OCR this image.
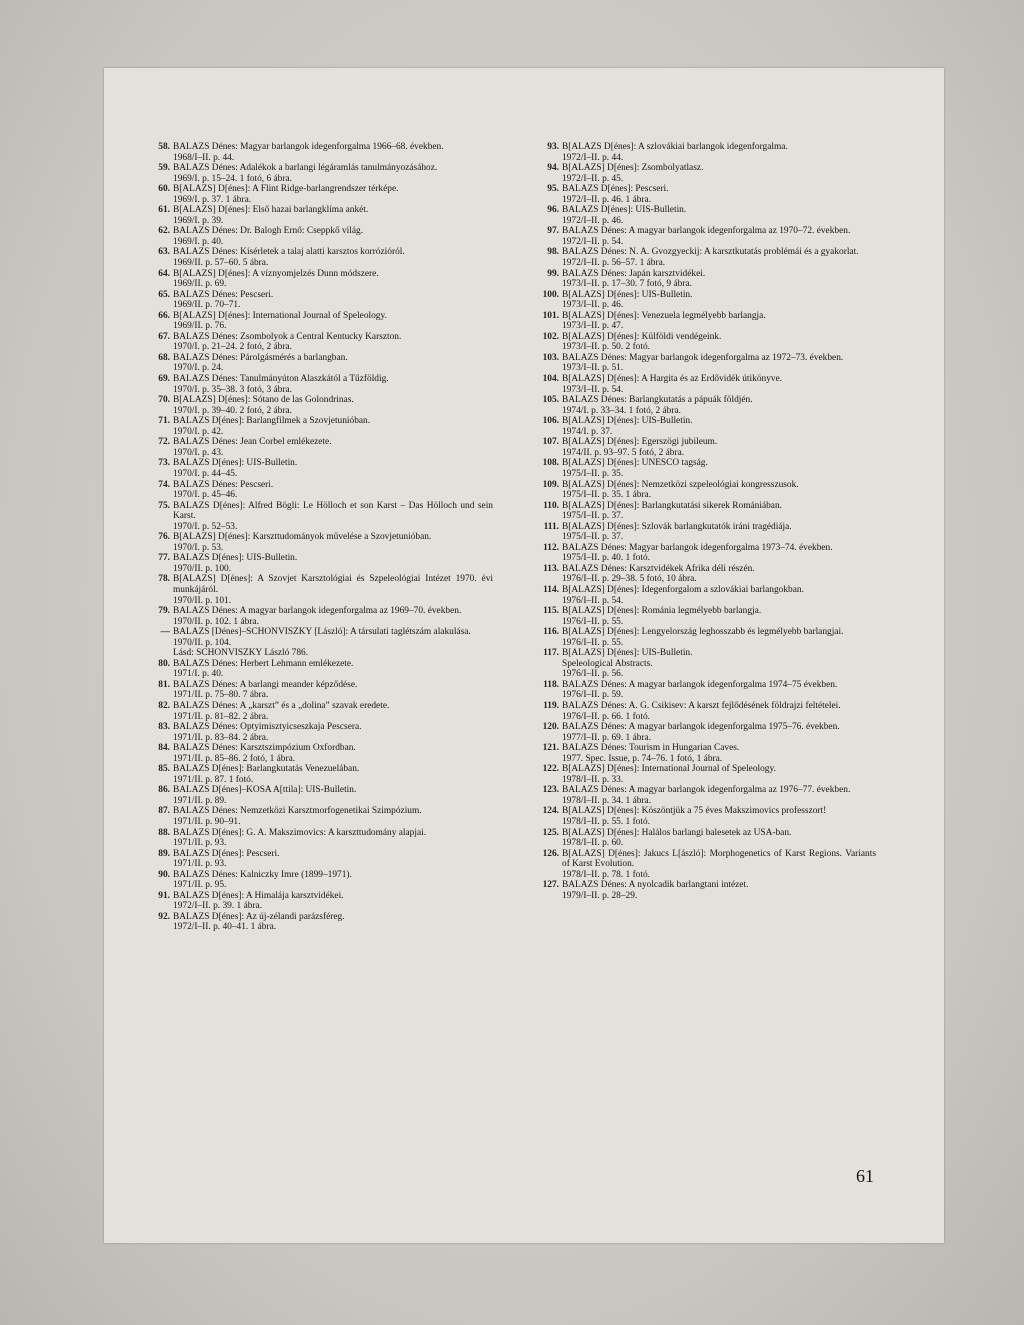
58. BALÁZS Dénes: Magyar barlangok idegenforgalma 1966–68. években.
1968/I–II. p. 44.
59. BALÁZS Dénes: Adalékok a barlangi légáramlás tanulmányozásához.
1969/I. p. 15–24. 1 fotó, 6 ábra.
60. B[ALÁZS] D[énes]: A Flint Ridge-barlangrendszer térképe.
1969/I. p. 37. 1 ábra.
61. B[ALÁZS] D[énes]: Első hazai barlangklíma ankét.
1969/I. p. 39.
62. BALÁZS Dénes: Dr. Balogh Ernő: Cseppkő világ.
1969/I. p. 40.
63. BALÁZS Dénes: Kísérletek a talaj alatti karsztos korrózióról.
1969/II. p. 57–60. 5 ábra.
64. B[ALÁZS] D[énes]: A víznyomjelzés Dunn módszere.
1969/II. p. 69.
65. BALÁZS Dénes: Pescseri.
1969/II. p. 70–71.
66. B[ALÁZS] D[énes]: International Journal of Speleology.
1969/II. p. 76.
67. BALÁZS Dénes: Zsombolyok a Central Kentucky Karszton.
1970/I. p. 21–24. 2 fotó, 2 ábra.
68. BALÁZS Dénes: Párolgásmérés a barlangban.
1970/I. p. 24.
69. BALÁZS Dénes: Tanulmányúton Alaszkától a Tűzföldig.
1970/I. p. 35–38. 3 fotó, 3 ábra.
70. B[ALÁZS] D[énes]: Sótano de las Golondrinas.
1970/I. p. 39–40. 2 fotó, 2 ábra.
71. BALÁZS D[énes]: Barlangfilmek a Szovjetunióban.
1970/I. p. 42.
72. BALÁZS Dénes: Jean Corbel emlékezete.
1970/I. p. 43.
73. BALÁZS D[énes]: UIS-Bulletin.
1970/I. p. 44–45.
74. BALÁZS Dénes: Pescseri.
1970/I. p. 45–46.
75. BALÁZS D[énes]: Alfred Bögli: Le Hölloch et son Karst – Das Hölloch und sein Karst.
1970/I. p. 52–53.
76. B[ALÁZS] D[énes]: Karszttudományok művelése a Szovjetunióban.
1970/I. p. 53.
77. BALÁZS D[énes]: UIS-Bulletin.
1970/II. p. 100.
78. B[ALÁZS] D[énes]: A Szovjet Karsztológiai és Szpeleológiai Intézet 1970. évi munkájáról.
1970/II. p. 101.
79. BALÁZS Dénes: A magyar barlangok idegenforgalma az 1969–70. években.
1970/II. p. 102. 1 ábra.
— BALÁZS [Dénes]–SCHÖNVISZKY [László]: A társulati taglétszám alakulása.
1970/II. p. 104.
Lásd: SCHÖNVISZKY László 786.
80. BALÁZS Dénes: Herbert Lehmann emlékezete.
1971/I. p. 40.
81. BALÁZS Dénes: A barlangi meander képződése.
1971/II. p. 75–80. 7 ábra.
82. BALÁZS Dénes: A „karszt” és a „dolina” szavak eredete.
1971/II. p. 81–82. 2 ábra.
83. BALÁZS Dénes: Optyimisztyicseszkaja Pescsera.
1971/II. p. 83–84. 2 ábra.
84. BALÁZS Dénes: Karsztszimpózium Oxfordban.
1971/II. p. 85–86. 2 fotó, 1 ábra.
85. BALÁZS D[énes]: Barlangkutatás Venezuelában.
1971/II. p. 87. 1 fotó.
86. BALÁZS D[énes]–KÓSA A[ttila]: UIS-Bulletin.
1971/II. p. 89.
87. BALÁZS Dénes: Nemzetközi Karsztmorfogenetikai Szimpózium.
1971/II. p. 90–91.
88. BALÁZS D[énes]: G. A. Makszimovics: A karszttudomány alapjai.
1971/II. p. 93.
89. BALÁZS D[énes]: Pescseri.
1971/II. p. 93.
90. BALÁZS Dénes: Kalniczky Imre (1899–1971).
1971/II. p. 95.
91. BALÁZS D[énes]: A Himalája karsztvidékei.
1972/I–II. p. 39. 1 ábra.
92. BALÁZS D[énes]: Az új-zélandi parázsféreg.
1972/I–II. p. 40–41. 1 ábra.
93. B[ALÁZS D[énes]: A szlovákiai barlangok idegenforgalma.
1972/I–II. p. 44.
94. B[ALÁZS] D[énes]: Zsombolyatlasz.
1972/I–II. p. 45.
95. BALÁZS D[énes]: Pescseri.
1972/I–II. p. 46. 1 ábra.
96. BALÁZS D[énes]: UIS-Bulletin.
1972/I–II. p. 46.
97. BALÁZS Dénes: A magyar barlangok idegenforgalma az 1970–72. években.
1972/I–II. p. 54.
98. BALÁZS Dénes: N. A. Gvozgyeckij: A karsztkutatás problémái és a gyakorlat.
1972/I–II. p. 56–57. 1 ábra.
99. BALÁZS Dénes: Japán karsztvidékei.
1973/I–II. p. 17–30. 7 fotó, 9 ábra.
100. B[ALÁZS] D[énes]: UIS-Bulletin.
1973/I–II. p. 46.
101. B[ALÁZS] D[énes]: Venezuela legmélyebb barlangja.
1973/I–II. p. 47.
102. B[ALÁZS] D[énes]: Külföldi vendégeink.
1973/I–II. p. 50. 2 fotó.
103. BALÁZS Dénes: Magyar barlangok idegenforgalma az 1972–73. években.
1973/I–II. p. 51.
104. B[ALÁZS] D[énes]: A Hargita és az Erdővidék útikönyve.
1973/I–II. p. 54.
105. BALÁZS Dénes: Barlangkutatás a pápuák földjén.
1974/I. p. 33–34. 1 fotó, 2 ábra.
106. B[ALÁZS] D[énes]: UIS-Bulletin.
1974/I. p. 37.
107. B[ALÁZS] D[énes]: Égerszögi jubileum.
1974/II. p. 93–97. 5 fotó, 2 ábra.
108. B[ALÁZS] D[énes]: UNESCO tagság.
1975/I–II. p. 35.
109. B[ALÁZS] D[énes]: Nemzetközi szpeleológiai kongresszusok.
1975/I–II. p. 35. 1 ábra.
110. B[ALÁZS] D[énes]: Barlangkutatási sikerek Romániában.
1975/I–II. p. 37.
111. B[ALÁZS] D[énes]: Szlovák barlangkutatók iráni tragédiája.
1975/I–II. p. 37.
112. BALÁZS Dénes: Magyar barlangok idegenforgalma 1973–74. években.
1975/I–II. p. 40. 1 fotó.
113. BALÁZS Dénes: Karsztvidékek Afrika déli részén.
1976/I–II. p. 29–38. 5 fotó, 10 ábra.
114. B[ALÁZS] D[énes]: Idegenforgalom a szlovákiai barlangokban.
1976/I–II. p. 54.
115. B[ALÁZS] D[énes]: Románia legmélyebb barlangja.
1976/I–II. p. 55.
116. B[ALÁZS] D[énes]: Lengyelország leghosszabb és legmélyebb barlangjai.
1976/I–II. p. 55.
117. B[ALÁZS] D[énes]: UIS-Bulletin.
Speleological Abstracts.
1976/I–II. p. 56.
118. BALÁZS Dénes: A magyar barlangok idegenforgalma 1974–75 években.
1976/I–II. p. 59.
119. BALÁZS Dénes: A. G. Csikisev: A karszt fejlődésének földrajzi feltételei.
1976/I–II. p. 66. 1 fotó.
120. BALÁZS Dénes: A magyar barlangok idegenforgalma 1975–76. években.
1977/I–II. p. 69. 1 ábra.
121. BALÁZS Dénes: Tourism in Hungarian Caves.
1977. Spec. Issue, p. 74–76. 1 fotó, 1 ábra.
122. B[ALÁZS] D[énes]: International Journal of Speleology.
1978/I–II. p. 33.
123. BALÁZS Dénes: A magyar barlangok idegenforgalma az 1976–77. években.
1978/I–II. p. 34. 1 ábra.
124. B[ALÁZS] D[énes]: Köszöntjük a 75 éves Makszimovics professzort!
1978/I–II. p. 55. 1 fotó.
125. B[ALÁZS] D[énes]: Halálos barlangi balesetek az USA-ban.
1978/I–II. p. 60.
126. B[ALÁZS] D[énes]: Jakucs L[ászló]: Morphogenetics of Karst Regions. Variants of Karst Evolution.
1978/I–II. p. 78. 1 fotó.
127. BALÁZS Dénes: A nyolcadik barlangtani intézet.
1979/I–II. p. 28–29.
61
